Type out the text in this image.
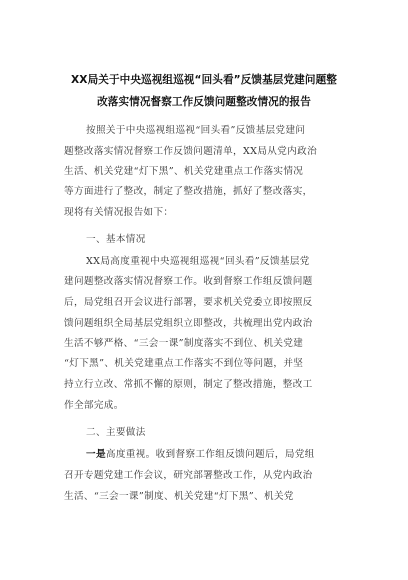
XX局关于中央巡视组巡视“回头看”反馈基层党建问题整
改落实情况督察工作反馈问题整改情况的报告
按照关于中央巡视组巡视“回头看”反馈基层党建问
题整改落实情况督察工作反馈问题清单，XX局从党内政治
生活、机关党建“灯下黑”、机关党建重点工作落实情况
等方面进行了整改，制定了整改措施，抓好了整改落实，
现将有关情况报告如下：
一、基本情况
XX局高度重视中央巡视组巡视“回头看”反馈基层党
建问题整改落实情况督察工作。收到督察工作组反馈问题
后，局党组召开会议进行部署，要求机关党委立即按照反
馈问题组织全局基层党组织立即整改，共梳理出党内政治
生活不够严格、“三会一课”制度落实不到位、机关党建
“灯下黑”、机关党建重点工作落实不到位等问题，并坚
持立行立改、常抓不懈的原则，制定了整改措施，整改工
作全部完成。
二、主要做法
一是高度重视。收到督察工作组反馈问题后，局党组
召开专题党建工作会议，研究部署整改工作，从党内政治
生活、“三会一课”制度、机关党建“灯下黑”、机关党
